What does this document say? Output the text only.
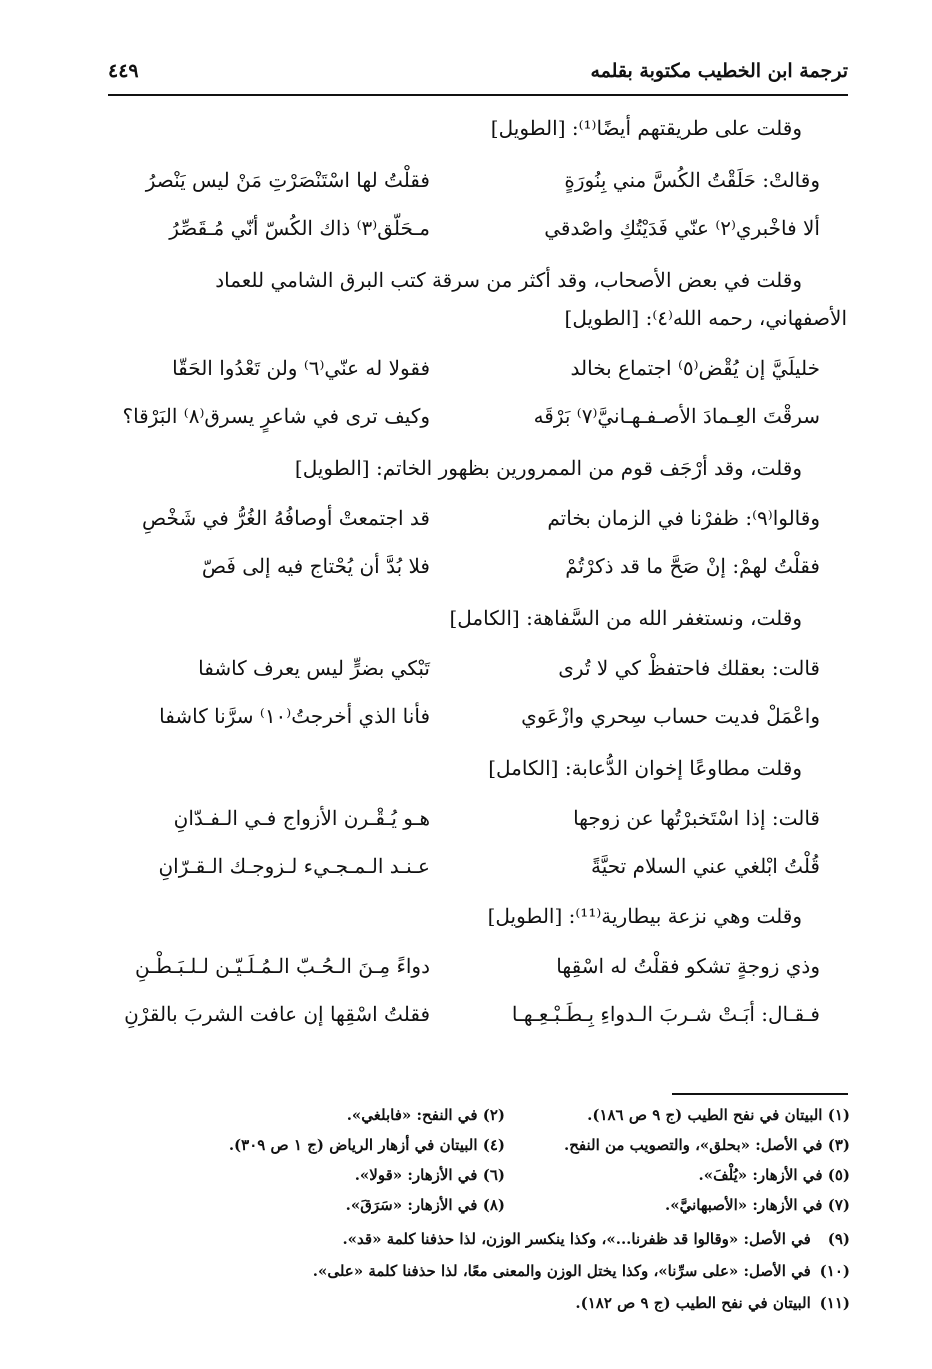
ترجمة ابن الخطيب مكتوبة بقلمه
٤٤٩
وقلت على طريقتهم أيضًا⁽¹⁾: [الطويل]
وقالتْ: حَلَقْتُ الكُسَّ مني بِنُورَةٍ
فقلْتُ لها اسْتَنْصَرْتِ مَنْ ليس يَنْصرُ
ألا فاخْبري⁽٢⁾ عنّي فَدَيْتُكِ واصْدقي
مـحَلّق⁽٣⁾ ذاك الكُسّ أنّي مُـقَصِّرُ
وقلت في بعض الأصحاب، وقد أكثر من سرقة كتب البرق الشامي للعماد
الأصفهاني، رحمه الله⁽٤⁾: [الطويل]
خليلَيَّ إن يُقْض⁽٥⁾ اجتماع بخالد
فقولا له عنّي⁽٦⁾ ولن تَعْدُوا الحَقّا
سرقْتَ العِـمادَ الأصـفـهـانيَّ⁽٧⁾ بَرْقَه
وكيف ترى في شاعرٍ يسرق⁽٨⁾ البَرْقا؟
وقلت، وقد أرْجَف قوم من الممرورين بظهور الخاتم: [الطويل]
وقالوا⁽٩⁾: ظفرْنا في الزمان بخاتم
قد اجتمعتْ أوصافُهُ الغُرُّ في شَخْصِ
فقلْتُ لهمْ: إنْ صَحَّ ما قد ذكرْتُمْ
فلا بُدَّ أن يُحْتاج فيه إلى فَصّ
وقلت، ونستغفر الله من السَّفاهة: [الكامل]
قالت: بعقلك فاحتفظْ كي لا تُرى
تَبْكي بضرٍّ ليس يعرف كاشفا
واعْمَلْ فديت حساب سِحري وازْعَوي
فأنا الذي أخرجتُ⁽١٠⁾ سرَّنا كاشفا
وقلت مطاوعًا إخوان الدُّعابة: [الكامل]
قالت: إذا اسْتَخبرْتُها عن زوجها
هـو يُـقْـرن الأزواج فـي الـفـدّانِ
قُلْتُ ابْلغي عني السلام تحيَّةً
عـنـد الـمـجـيء لـزوجـك الـقـرّانِ
وقلت وهي نزعة بيطارية⁽¹¹⁾: [الطويل]
وذي زوجةٍ تشكو فقلْتُ له اسْقِها
دواءً مِـنَ الـحُـبّ الـمُـلَـيّـن لـلـبَـطْـنِ
فـقـال: أبَـتْ شـربَ الـدواءِ بِـطَـبْـعِـهـا
فقلتُ اسْقِها إن عافت الشربَ بالقرْنِ
(١) البيتان في نفح الطيب (ج ٩ ص ١٨٦).
(٢) في النفح: «فابلغي».
(٣) في الأصل: «بحلق»، والتصويب من النفح.
(٤) البيتان في أزهار الرياض (ج ١ ص ٣٠٩).
(٥) في الأزهار: «يُلْفَ».
(٦) في الأزهار: «قولا».
(٧) في الأزهار: «الأصبهانيَّ».
(٨) في الأزهار: «سَرَقَ».
(٩) في الأصل: «وقالوا قد ظفرنا...»، وكذا ينكسر الوزن، لذا حذفنا كلمة «قد».
(١٠) في الأصل: «على سرِّنا»، وكذا يختل الوزن والمعنى معًا، لذا حذفنا كلمة «على».
(١١) البيتان في نفح الطيب (ج ٩ ص ١٨٢).
